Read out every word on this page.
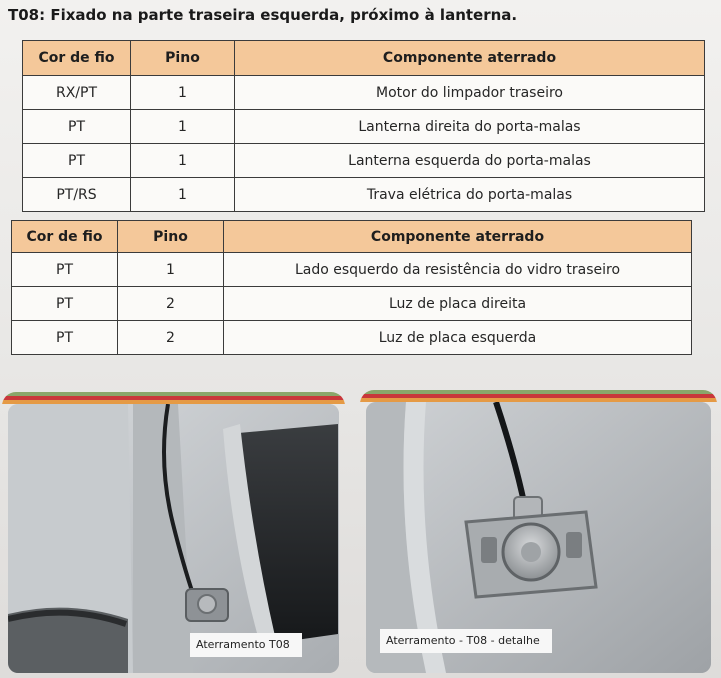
T08: Fixado na parte traseira esquerda, próximo à lanterna.
Cor de fio	Pino	Componente aterrado
RX/PT	1	Motor do limpador traseiro
PT	1	Lanterna direita do porta-malas
PT	1	Lanterna esquerda do porta-malas
PT/RS	1	Trava elétrica do porta-malas
Cor de fio	Pino	Componente aterrado
PT	1	Lado esquerdo da resistência do vidro traseiro
PT	2	Luz de placa direita
PT	2	Luz de placa esquerda
Aterramento T08	Aterramento - T08 - detalhe
